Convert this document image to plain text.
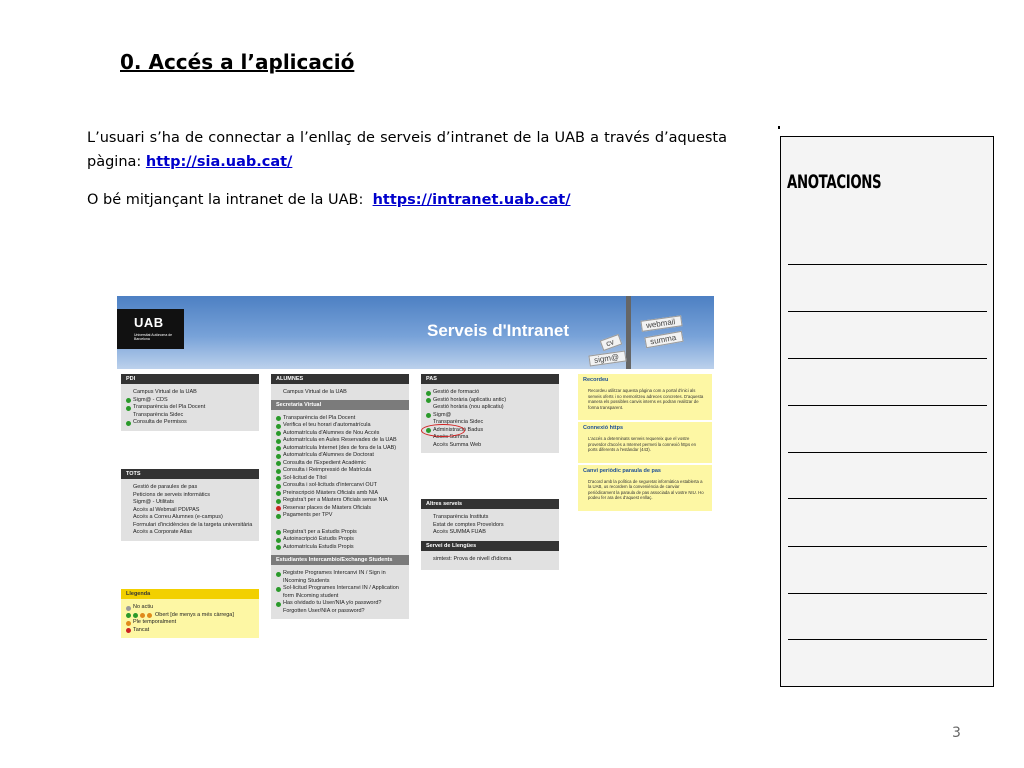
0. Accés a l’aplicació

L’usuari s’ha de connectar a l’enllaç de serveis d’intranet de la UAB a través d’aquesta pàgina: http://sia.uab.cat/

O bé mitjançant la intranet de la UAB: https://intranet.uab.cat/

UAB
Universitat Autònoma de Barcelona	Serveis d'Intranet	webmail
summa
cv
sigm@
PDI
Campus Virtual de la UAB
Sigm@ - CDS
Transparència del Pla Docent
Transparència Sidec
Consulta de Permisos
TOTS
Gestió de paraules de pas
Peticions de serveis informàtics
Sigm@ - Utilitats
Accés al Webmail PDI/PAS
Accés a Correu Alumnes (e-campus)
Formulari d'incidències de la targeta universitària
Accés a Corporate Atlas
Llegenda
No actiu
Obert [de menys a més càrrega]
Ple temporalment
Tancat
ALUMNES
Campus Virtual de la UAB
Secretaria Virtual
Transparència del Pla Docent
Verifica el teu horari d'automatrícula
Automatrícula d'Alumnes de Nou Accés
Automatrícula en Aules Reservades de la UAB
Automatrícula Internet (des de fora de la UAB)
Automatrícula d'Alumnes de Doctorat
Consulta de l'Expedient Acadèmic
Consulta i Reimpressió de Matrícula
Sol·licitud de Títol
Consulta i sol·licituds d'intercanvi OUT
Preinscripció Màsters Oficials amb NIA
Registra't per a Màsters Oficials sense NIA
Reservar places de Màsters Oficials
Pagaments per TPV
Registra't per a Estudis Propis
Autoinscripció Estudis Propis
Automatrícula Estudis Propis
Estudiantes Intercambio/Exchange Students
Registre Programes Intercanvi IN / Sign in INcoming Students
Sol·licitud Programes Intercanvi IN / Application form INcoming student
Has olvidado tu User/NIA y/o password? Forgotten User/NIA or password?
PAS
Gestió de formació
Gestió horària (aplicatiu antic)
Gestió horària (nou aplicatiu)
Sigm@
Transparència Sidec
Administració Badus
Accés Summa
Accés Summa Web
Altres serveis
Transparència Instituts
Estat de comptes Proveïdors
Accés SUMMA FUAB
Servei de Llengües
simtest: Prova de nivell d'idioma
Recordeu
Recordeu utilitzar aquesta pàgina com a portal d'inici als serveis oferts i no memoritzeu adreces concretes. D'aquesta manera els possibles canvis interns es podran realitzar de forma transparent.
Connexió https
L'accés a determinats serveis requereix que el vostre proveïdor d'accés a Internet permeti la connexió https en ports diferents a l'estàndar (443).
Canvi periòdic paraula de pas
D'acord amb la política de seguretat informàtica establerta a la UAB, us recordem la conveniència de canviar periòdicament la paraula de pas associada al vostre NIU. Ho podeu fer ara des d'aquest enllaç.
ANOTACIONS
3
